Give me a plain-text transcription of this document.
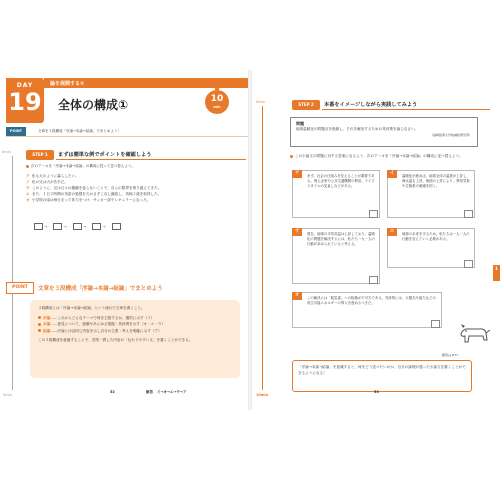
DAY
19
論を展開する①
全体の構成①	10
min
POINT	文章を３段構成「序論→本論→結論」でまとめよう！
0min	STEP 1	まずは簡単な例でポイントを確認しよう
次のア〜オを「序論→本論→結論」の構成に従って並べ替えよう。
ア 私も犬のように暮らしたい。
イ 私の兄は犬が苦手だ。
ウ このように、兄は日々の鍛錬を怠らないことで、自らの限界を乗り越えてきた。
エ また、１日２時間の英語の勉強を欠かさずこなし継続し、英検２級を取得した。
オ 小学校の頃は毎日走って体力をつけ、サッカー部でレギュラーになった。
→	→	→	→
POINT	文章を３段構成「序論→本論→結論」でまとめよう
３段構成とは「序論→本論→結論」という流れで文章を書くこと。
序論……これからどんなテーマで何を主張するか、端的に示す（イ）
本論……意見について、経験やあらゆる根拠・具体例を示す（オ・エ・ウ）
結論……序論とほぼ同じ内容を示し自分の主張・考えを明確に示す（ア）
この３段構成を意識することで、首尾一貫した内容の「伝わりやすい文」を書くことができる。
5min
52	解答 イ→オ→エ→ウ→ア
0min	STEP 2	本番をイメージしながら実践してみよう
問題
地球温暖化の問題点を指摘し、それを解決するための具体策を論じなさい。
（高崎経済大学地域政策学部）
この小論文の問題に対する答案になるよう、次のア〜オを「序論→本論→結論」の構成に並べ替えよう。
ア	まず、社会の仕組みを変えることが重要である。例えば家や公共交通機関の利用、ライフスタイルの見直しなどがある。

イ	温暖化が進めば、地球全体の温度が上昇し、海水温も上昇、海面の上昇により、異常気象や生態系の破壊を招く。

ウ	現在、地球の平均気温は上昇しており、温暖化の問題を解決するには、私たち一人一人の行動が求められていると考える。

エ	地球の未来を守るため、私たちは一人一人の行動を変えていく必要がある。

オ	この解決には「脱炭素」への転換が不可欠である。具体的には、太陽光や風力などの再生可能エネルギーの導入を進めるべきだ。

解答は P.77

「序論→本論→結論」を意識すると、何をどう述べたいのか、自分の論理が通った小論文を書くことができるようになる！

1
10min
53
